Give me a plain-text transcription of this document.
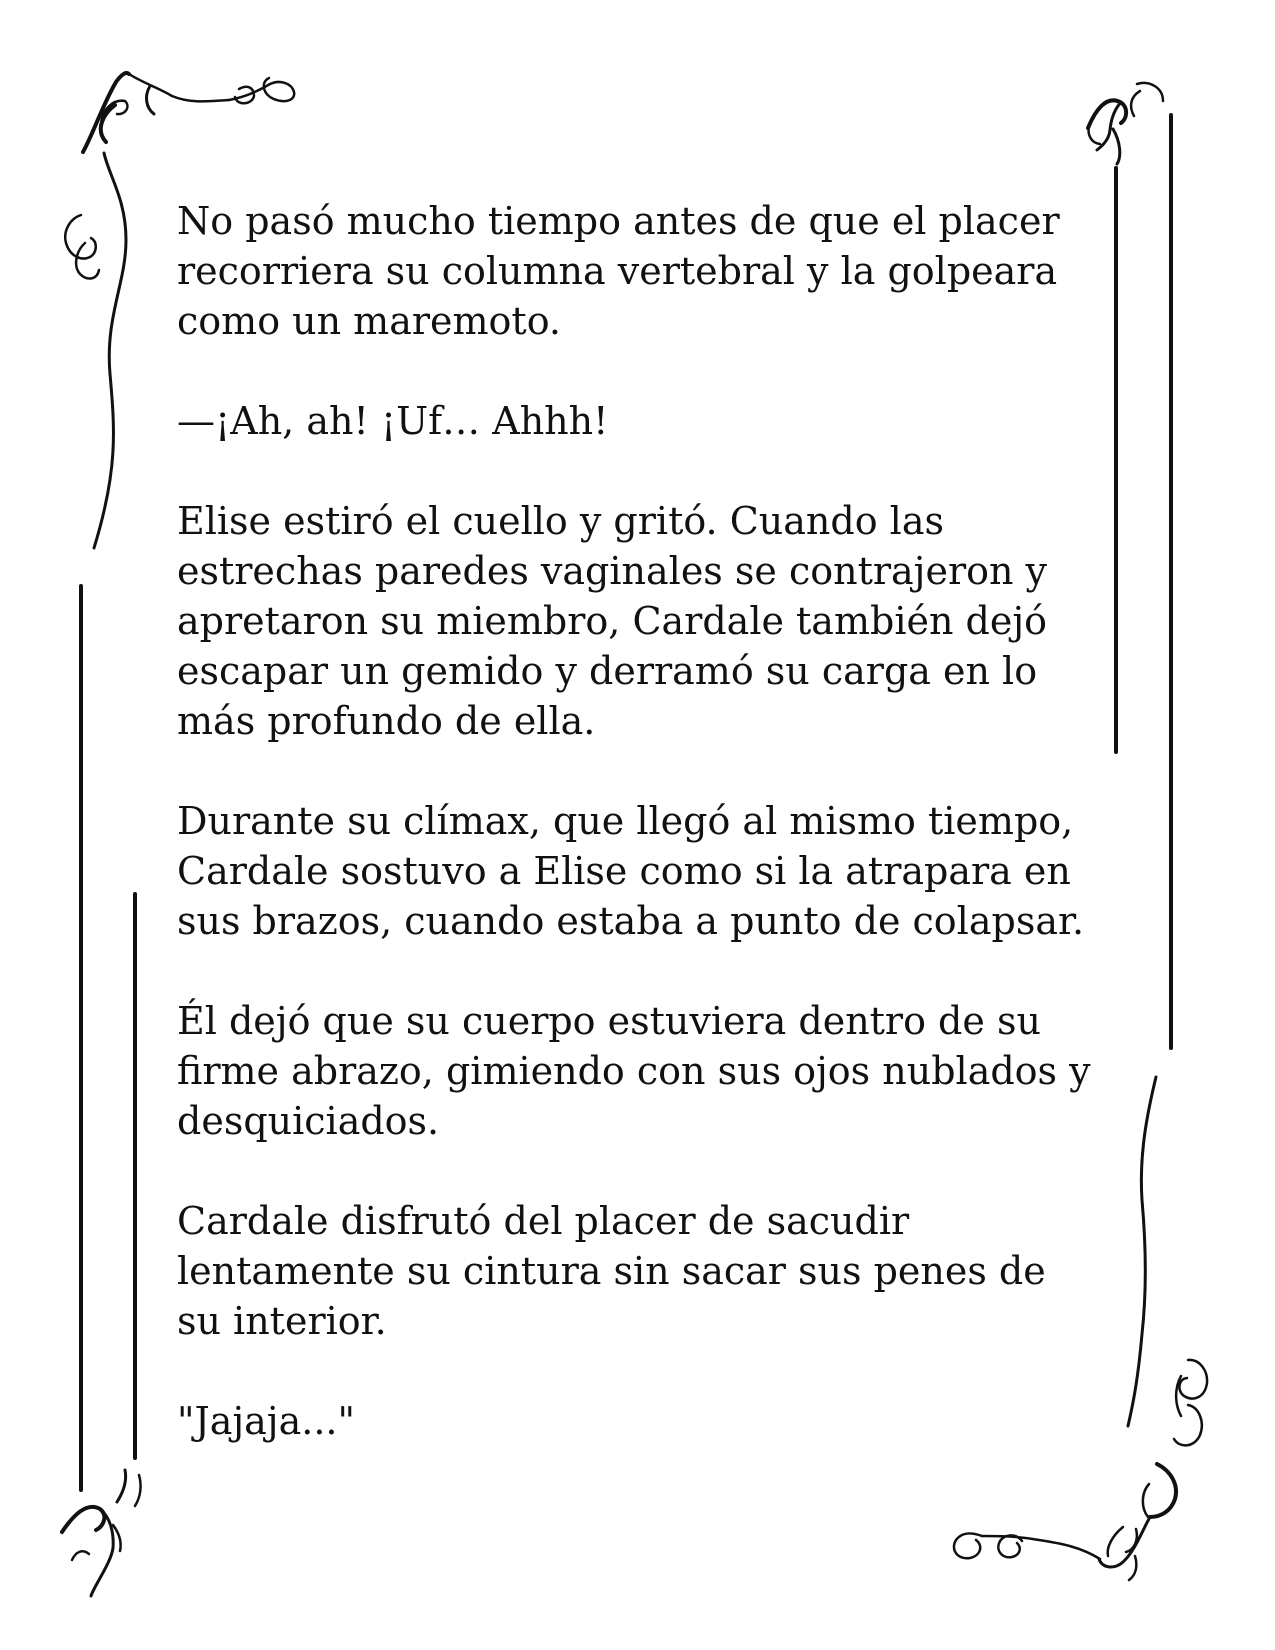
No pasó mucho tiempo antes de que el placer recorriera su columna vertebral y la golpeara como un maremoto.

—¡Ah, ah! ¡Uf… Ahhh!

Elise estiró el cuello y gritó. Cuando las estrechas paredes vaginales se contrajeron y apretaron su miembro, Cardale también dejó escapar un gemido y derramó su carga en lo más profundo de ella.

Durante su clímax, que llegó al mismo tiempo, Cardale sostuvo a Elise como si la atrapara en sus brazos, cuando estaba a punto de colapsar.

Él dejó que su cuerpo estuviera dentro de su firme abrazo, gimiendo con sus ojos nublados y desquiciados.

Cardale disfrutó del placer de sacudir lentamente su cintura sin sacar sus penes de su interior.

"Jajaja..."
